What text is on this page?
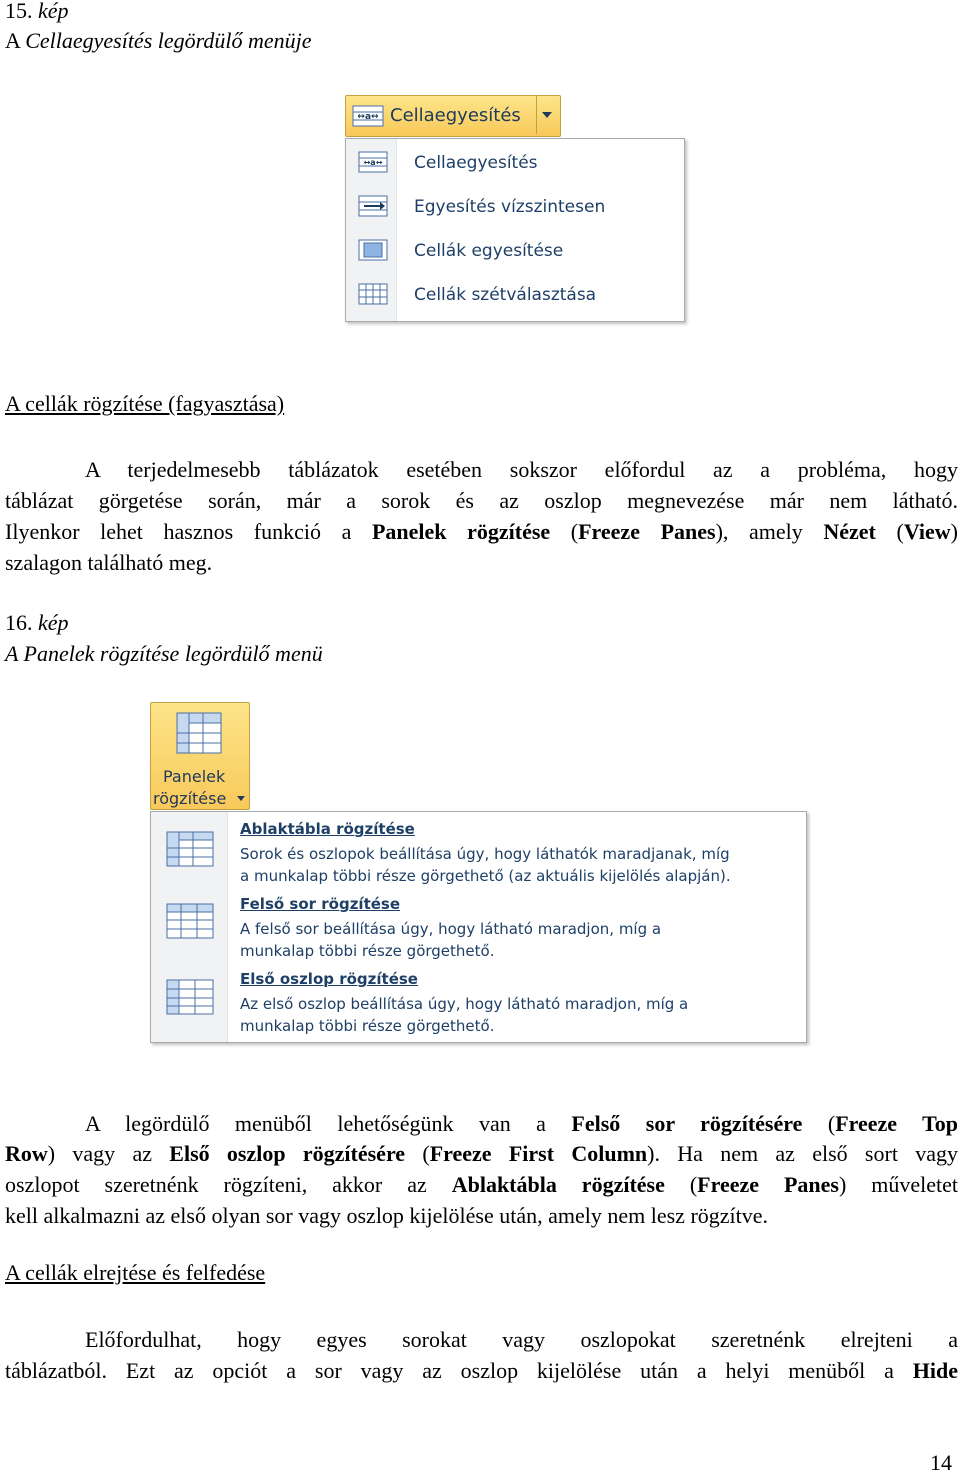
15. kép
A Cellaegyesítés legördülő menüje
↔a↔ Cellaegyesítés
↔a↔ Cellaegyesítés
Egyesítés vízszintesen
Cellák egyesítése
Cellák szétválasztása
A cellák rögzítése (fagyasztása)
A terjedelmesebb táblázatok esetében sokszor előfordul az a probléma, hogy
táblázat görgetése során, már a sorok és az oszlop megnevezése már nem látható.
Ilyenkor lehet hasznos funkció a Panelek rögzítése (Freeze Panes), amely Nézet (View)
szalagon található meg.
16. kép
A Panelek rögzítése legördülő menü
Panelek
rögzítése
Ablaktábla rögzítése
Sorok és oszlopok beállítása úgy, hogy láthatók maradjanak, míg
a munkalap többi része görgethető (az aktuális kijelölés alapján).
Felső sor rögzítése
A felső sor beállítása úgy, hogy látható maradjon, míg a
munkalap többi része görgethető.
Első oszlop rögzítése
Az első oszlop beállítása úgy, hogy látható maradjon, míg a
munkalap többi része görgethető.
A legördülő menüből lehetőségünk van a Felső sor rögzítésére (Freeze Top
Row) vagy az Első oszlop rögzítésére (Freeze First Column). Ha nem az első sort vagy
oszlopot szeretnénk rögzíteni, akkor az Ablaktábla rögzítése (Freeze Panes) műveletet
kell alkalmazni az első olyan sor vagy oszlop kijelölése után, amely nem lesz rögzítve.
A cellák elrejtése és felfedése
Előfordulhat, hogy egyes sorokat vagy oszlopokat szeretnénk elrejteni a
táblázatból. Ezt az opciót a sor vagy az oszlop kijelölése után a helyi menüből a Hide
14
